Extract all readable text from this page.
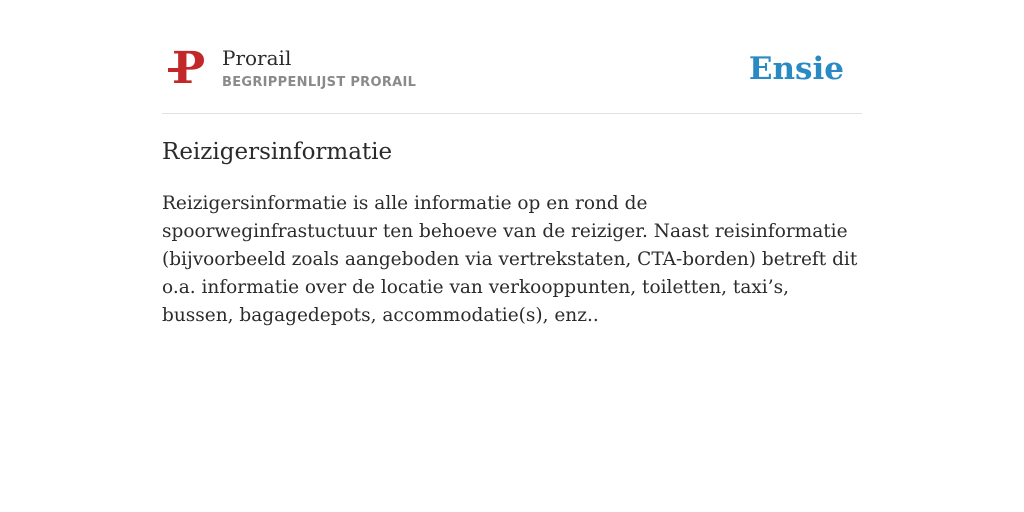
P Prorail
BEGRIPPENLIJST PRORAIL	Ensie
Reizigersinformatie

Reizigersinformatie is alle informatie op en rond de spoorweginfrastuctuur ten behoeve van de reiziger. Naast reisinformatie (bijvoorbeeld zoals aangeboden via vertrekstaten, CTA-borden) betreft dit o.a. informatie over de locatie van verkooppunten, toiletten, taxi’s, bussen, bagagedepots, accommodatie(s), enz..
